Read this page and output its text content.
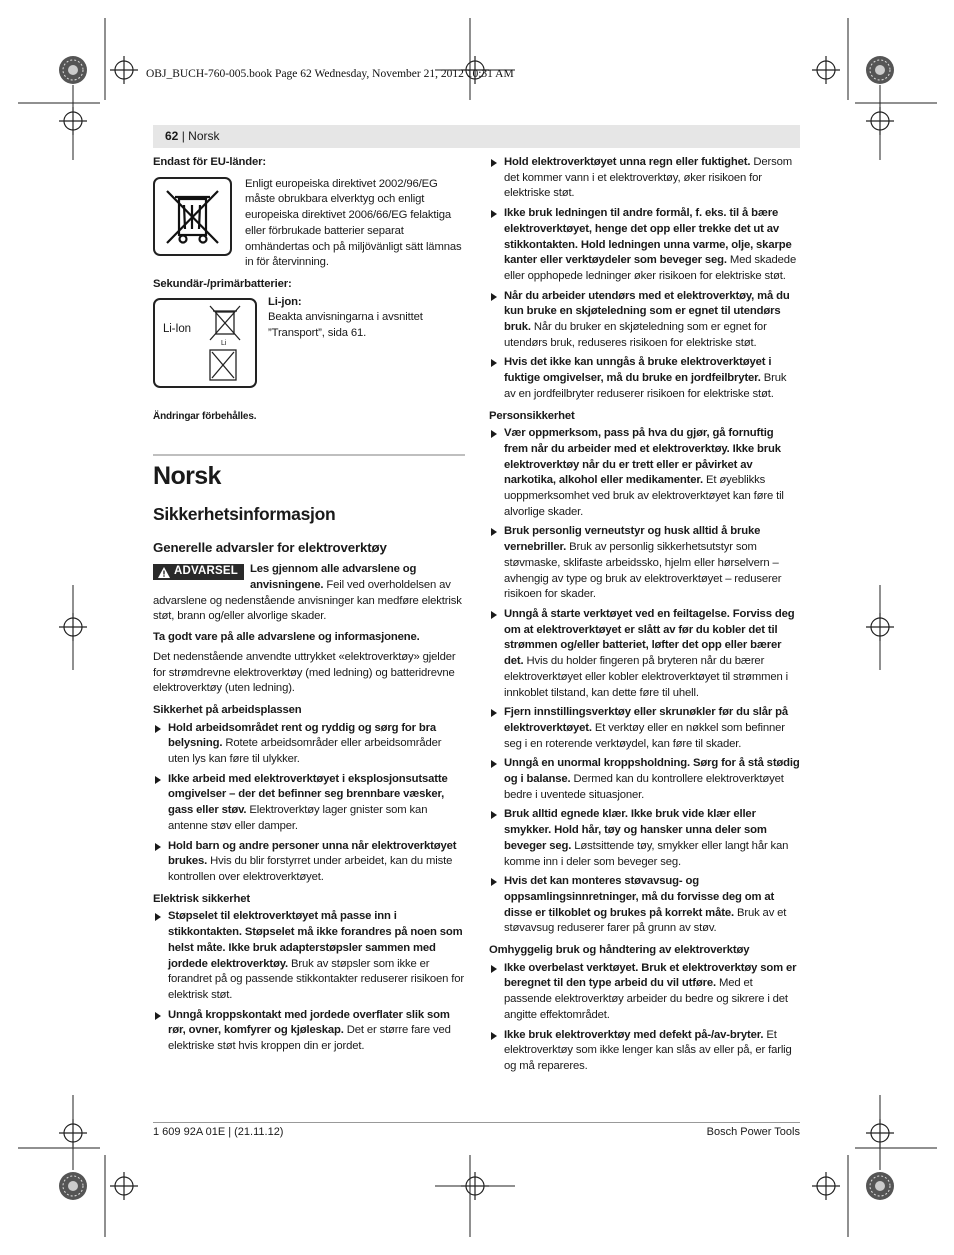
OBJ_BUCH-760-005.book Page 62 Wednesday, November 21, 2012 10:31 AM
62 | Norsk

Endast för EU-länder:

Enligt europeiska direktivet 2002/96/EG måste obrukbara elverktyg och enligt europeiska direktivet 2006/66/EG felaktiga eller förbrukade batterier separat omhändertas och på miljövänligt sätt lämnas in för återvinning.

Sekundär-/primärbatterier:

Li-Ion
Li

Li-jon:

Beakta anvisningarna i avsnittet ”Transport”, sida 61.

Ändringar förbehålles.

Norsk
Sikkerhetsinformasjon
Generelle advarsler for elektroverktøy

ADVARSEL Les gjennom alle advarslene og anvisningene. Feil ved overholdelsen av advarslene og nedenstående anvisninger kan medføre elektrisk støt, brann og/eller alvorlige skader.

Ta godt vare på alle advarslene og informasjonene.

Det nedenstående anvendte uttrykket «elektroverktøy» gjelder for strømdrevne elektroverktøy (med ledning) og batteridrevne elektroverktøy (uten ledning).

Sikkerhet på arbeidsplassen

Hold arbeidsområdet rent og ryddig og sørg for bra belysning. Rotete arbeidsområder eller arbeidsområder uten lys kan føre til ulykker.
Ikke arbeid med elektroverktøyet i eksplosjonsutsatte omgivelser – der det befinner seg brennbare væsker, gass eller støv. Elektroverktøy lager gnister som kan antenne støv eller damper.
Hold barn og andre personer unna når elektroverktøyet brukes. Hvis du blir forstyrret under arbeidet, kan du miste kontrollen over elektroverktøyet.

Elektrisk sikkerhet

Støpselet til elektroverktøyet må passe inn i stikkontakten. Støpselet må ikke forandres på noen som helst måte. Ikke bruk adapterstøpsler sammen med jordede elektroverktøy. Bruk av støpsler som ikke er forandret på og passende stikkontakter reduserer risikoen for elektrisk støt.
Unngå kroppskontakt med jordede overflater slik som rør, ovner, komfyrer og kjøleskap. Det er større fare ved elektriske støt hvis kroppen din er jordet.
Hold elektroverktøyet unna regn eller fuktighet. Dersom det kommer vann i et elektroverktøy, øker risikoen for elektriske støt.
Ikke bruk ledningen til andre formål, f. eks. til å bære elektroverktøyet, henge det opp eller trekke det ut av stikkontakten. Hold ledningen unna varme, olje, skarpe kanter eller verktøydeler som beveger seg. Med skadede eller opphopede ledninger øker risikoen for elektriske støt.
Når du arbeider utendørs med et elektroverktøy, må du kun bruke en skjøteledning som er egnet til utendørs bruk. Når du bruker en skjøteledning som er egnet for utendørs bruk, reduseres risikoen for elektriske støt.
Hvis det ikke kan unngås å bruke elektroverktøyet i fuktige omgivelser, må du bruke en jordfeilbryter. Bruk av en jordfeilbryter reduserer risikoen for elektriske støt.

Personsikkerhet

Vær oppmerksom, pass på hva du gjør, gå fornuftig frem når du arbeider med et elektroverktøy. Ikke bruk elektroverktøy når du er trett eller er påvirket av narkotika, alkohol eller medikamenter. Et øyeblikks uoppmerksomhet ved bruk av elektroverktøyet kan føre til alvorlige skader.
Bruk personlig verneutstyr og husk alltid å bruke vernebriller. Bruk av personlig sikkerhetsutstyr som støvmaske, sklifaste arbeidssko, hjelm eller hørselvern – avhengig av type og bruk av elektroverktøyet – reduserer risikoen for skader.
Unngå å starte verktøyet ved en feiltagelse. Forviss deg om at elektroverktøyet er slått av før du kobler det til strømmen og/eller batteriet, løfter det opp eller bærer det. Hvis du holder fingeren på bryteren når du bærer elektroverktøyet eller kobler elektroverktøyet til strømmen i innkoblet tilstand, kan dette føre til uhell.
Fjern innstillingsverktøy eller skrunøkler før du slår på elektroverktøyet. Et verktøy eller en nøkkel som befinner seg i en roterende verktøydel, kan føre til skader.
Unngå en unormal kroppsholdning. Sørg for å stå stødig og i balanse. Dermed kan du kontrollere elektroverktøyet bedre i uventede situasjoner.
Bruk alltid egnede klær. Ikke bruk vide klær eller smykker. Hold hår, tøy og hansker unna deler som beveger seg. Løstsittende tøy, smykker eller langt hår kan komme inn i deler som beveger seg.
Hvis det kan monteres støvavsug- og oppsamlingsinnretninger, må du forvisse deg om at disse er tilkoblet og brukes på korrekt måte. Bruk av et støvavsug reduserer farer på grunn av støv.

Omhyggelig bruk og håndtering av elektroverktøy

Ikke overbelast verktøyet. Bruk et elektroverktøy som er beregnet til den type arbeid du vil utføre. Med et passende elektroverktøy arbeider du bedre og sikrere i det angitte effektområdet.
Ikke bruk elektroverktøy med defekt på-/av-bryter. Et elektroverktøy som ikke lenger kan slås av eller på, er farlig og må repareres.
1 609 92A 01E | (21.11.12)	Bosch Power Tools
